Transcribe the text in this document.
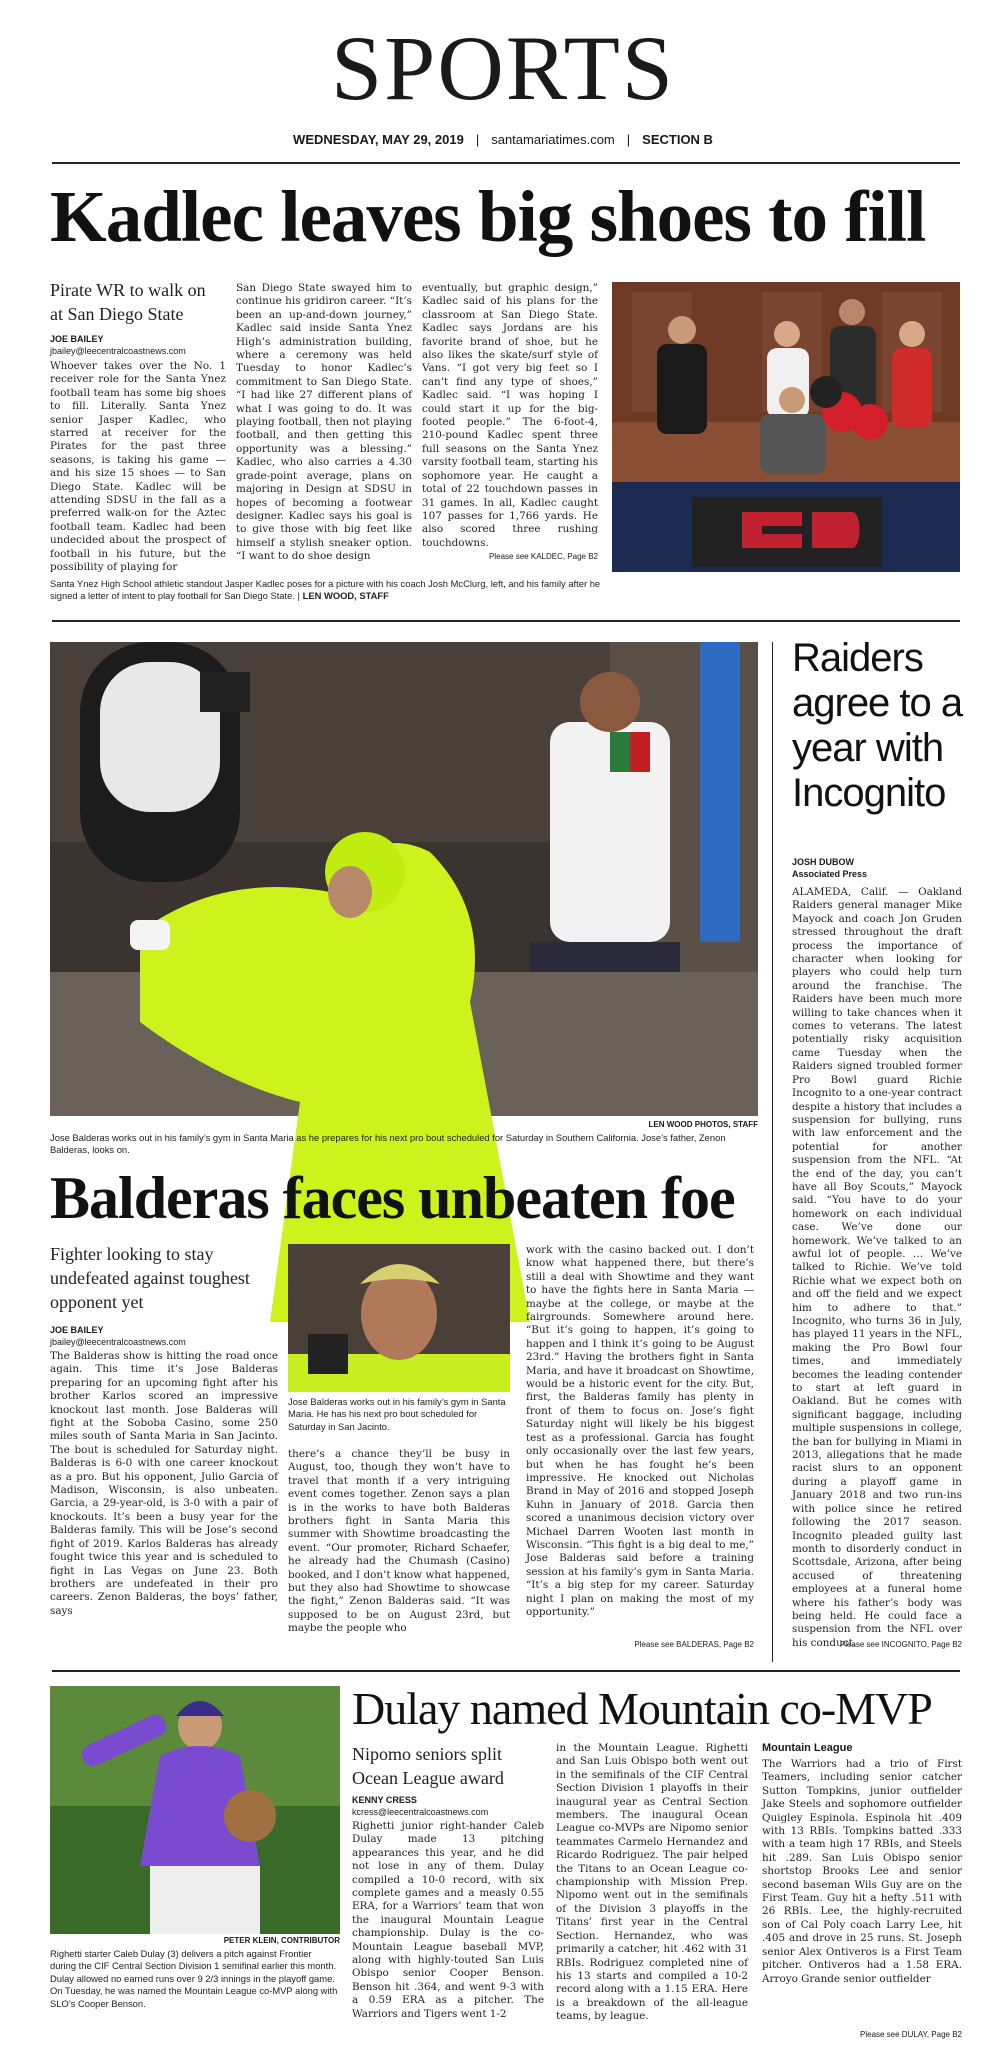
SPORTS
WEDNESDAY, MAY 29, 2019 | santamariatimes.com | SECTION B
Kadlec leaves big shoes to fill
Pirate WR to walk on at San Diego State
JOE BAILEY
jbailey@leecentralcoastnews.com
Whoever takes over the No. 1 receiver role for the Santa Ynez football team has some big shoes to fill. Literally. Santa Ynez senior Jasper Kadlec, who starred at receiver for the Pirates for the past three seasons, is taking his game — and his size 15 shoes — to San Diego State. Kadlec will be attending SDSU in the fall as a preferred walk-on for the Aztec football team. Kadlec had been undecided about the prospect of football in his future, but the possibility of playing for
San Diego State swayed him to continue his gridiron career. “It’s been an up-and-down journey,” Kadlec said inside Santa Ynez High’s administration building, where a ceremony was held Tuesday to honor Kadlec’s commitment to San Diego State. “I had like 27 different plans of what I was going to do. It was playing football, then not playing football, and then getting this opportunity was a blessing.” Kadlec, who also carries a 4.30 grade-point average, plans on majoring in Design at SDSU in hopes of becoming a footwear designer. Kadlec says his goal is to give those with big feet like himself a stylish sneaker option. “I want to do shoe design
eventually, but graphic design,” Kadlec said of his plans for the classroom at San Diego State. Kadlec says Jordans are his favorite brand of shoe, but he also likes the skate/surf style of Vans. “I got very big feet so I can’t find any type of shoes,” Kadlec said. “I was hoping I could start it up for the big-footed people.” The 6-foot-4, 210-pound Kadlec spent three full seasons on the Santa Ynez varsity football team, starting his sophomore year. He caught a total of 22 touchdown passes in 31 games. In all, Kadlec caught 107 passes for 1,766 yards. He also scored three rushing touchdowns.
Please see KALDEC, Page B2
Santa Ynez High School athletic standout Jasper Kadlec poses for a picture with his coach Josh McClurg, left, and his family after he signed a letter of intent to play football for San Diego State. | LEN WOOD, STAFF
LEN WOOD PHOTOS, STAFF
Jose Balderas works out in his family’s gym in Santa Maria as he prepares for his next pro bout scheduled for Saturday in Southern California. Jose’s father, Zenon Balderas, looks on.
Raiders agree to a year with Incognito
JOSH DUBOW
Associated Press
ALAMEDA, Calif. — Oakland Raiders general manager Mike Mayock and coach Jon Gruden stressed throughout the draft process the importance of character when looking for players who could help turn around the franchise. The Raiders have been much more willing to take chances when it comes to veterans. The latest potentially risky acquisition came Tuesday when the Raiders signed troubled former Pro Bowl guard Richie Incognito to a one-year contract despite a history that includes a suspension for bullying, runs with law enforcement and the potential for another suspension from the NFL. “At the end of the day, you can’t have all Boy Scouts,” Mayock said. “You have to do your homework on each individual case. We’ve done our homework. We’ve talked to an awful lot of people. … We’ve talked to Richie. We’ve told Richie what we expect both on and off the field and we expect him to adhere to that.” Incognito, who turns 36 in July, has played 11 years in the NFL, making the Pro Bowl four times, and immediately becomes the leading contender to start at left guard in Oakland. But he comes with significant baggage, including multiple suspensions in college, the ban for bullying in Miami in 2013, allegations that he made racist slurs to an opponent during a playoff game in January 2018 and two run-ins with police since he retired following the 2017 season. Incognito pleaded guilty last month to disorderly conduct in Scottsdale, Arizona, after being accused of threatening employees at a funeral home where his father’s body was being held. He could face a suspension from the NFL over his conduct.
Please see INCOGNITO, Page B2
Balderas faces unbeaten foe
Fighter looking to stay undefeated against toughest opponent yet
JOE BAILEY
jbailey@leecentralcoastnews.com
The Balderas show is hitting the road once again. This time it’s Jose Balderas preparing for an upcoming fight after his brother Karlos scored an impressive knockout last month. Jose Balderas will fight at the Soboba Casino, some 250 miles south of Santa Maria in San Jacinto. The bout is scheduled for Saturday night. Balderas is 6-0 with one career knockout as a pro. But his opponent, Julio Garcia of Madison, Wisconsin, is also unbeaten. Garcia, a 29-year-old, is 3-0 with a pair of knockouts. It’s been a busy year for the Balderas family. This will be Jose’s second fight of 2019. Karlos Balderas has already fought twice this year and is scheduled to fight in Las Vegas on June 23. Both brothers are undefeated in their pro careers. Zenon Balderas, the boys’ father, says
Jose Balderas works out in his family’s gym in Santa Maria. He has his next pro bout scheduled for Saturday in San Jacinto.
there’s a chance they’ll be busy in August, too, though they won’t have to travel that month if a very intriguing event comes together. Zenon says a plan is in the works to have both Balderas brothers fight in Santa Maria this summer with Showtime broadcasting the event. “Our promoter, Richard Schaefer, he already had the Chumash (Casino) booked, and I don’t know what happened, but they also had Showtime to showcase the fight,” Zenon Balderas said. “It was supposed to be on August 23rd, but maybe the people who
work with the casino backed out. I don’t know what happened there, but there’s still a deal with Showtime and they want to have the fights here in Santa Maria — maybe at the college, or maybe at the fairgrounds. Somewhere around here. “But it’s going to happen, it’s going to happen and I think it’s going to be August 23rd.” Having the brothers fight in Santa Maria, and have it broadcast on Showtime, would be a historic event for the city. But, first, the Balderas family has plenty in front of them to focus on. Jose’s fight Saturday night will likely be his biggest test as a professional. Garcia has fought only occasionally over the last few years, but when he has fought he’s been impressive. He knocked out Nicholas Brand in May of 2016 and stopped Joseph Kuhn in January of 2018. Garcia then scored a unanimous decision victory over Michael Darren Wooten last month in Wisconsin. “This fight is a big deal to me,” Jose Balderas said before a training session at his family’s gym in Santa Maria. “It’s a big step for my career. Saturday night I plan on making the most of my opportunity.”
Please see BALDERAS, Page B2
PETER KLEIN, CONTRIBUTOR
Righetti starter Caleb Dulay (3) delivers a pitch against Frontier during the CIF Central Section Division 1 semifinal earlier this month. Dulay allowed no earned runs over 9 2/3 innings in the playoff game. On Tuesday, he was named the Mountain League co-MVP along with SLO’s Cooper Benson.
Dulay named Mountain co-MVP
Nipomo seniors split Ocean League award
KENNY CRESS
kcress@leecentralcoastnews.com
Righetti junior right-hander Caleb Dulay made 13 pitching appearances this year, and he did not lose in any of them. Dulay compiled a 10-0 record, with six complete games and a measly 0.55 ERA, for a Warriors’ team that won the inaugural Mountain League championship. Dulay is the co-Mountain League baseball MVP, along with highly-touted San Luis Obispo senior Cooper Benson. Benson hit .364, and went 9-3 with a 0.59 ERA as a pitcher. The Warriors and Tigers went 1-2
in the Mountain League. Righetti and San Luis Obispo both went out in the semifinals of the CIF Central Section Division 1 playoffs in their inaugural year as Central Section members. The inaugural Ocean League co-MVPs are Nipomo senior teammates Carmelo Hernandez and Ricardo Rodriguez. The pair helped the Titans to an Ocean League co-championship with Mission Prep. Nipomo went out in the semifinals of the Division 3 playoffs in the Titans’ first year in the Central Section. Hernandez, who was primarily a catcher, hit .462 with 31 RBIs. Rodriguez completed nine of his 13 starts and compiled a 10-2 record along with a 1.15 ERA. Here is a breakdown of the all-league teams, by league.
Mountain League
The Warriors had a trio of First Teamers, including senior catcher Sutton Tompkins, junior outfielder Jake Steels and sophomore outfielder Quigley Espinola. Espinola hit .409 with 13 RBIs. Tompkins batted .333 with a team high 17 RBIs, and Steels hit .289. San Luis Obispo senior shortstop Brooks Lee and senior second baseman Wils Guy are on the First Team. Guy hit a hefty .511 with 26 RBIs. Lee, the highly-recruited son of Cal Poly coach Larry Lee, hit .405 and drove in 25 runs. St. Joseph senior Alex Ontiveros is a First Team pitcher. Ontiveros had a 1.58 ERA. Arroyo Grande senior outfielder
Please see DULAY, Page B2
